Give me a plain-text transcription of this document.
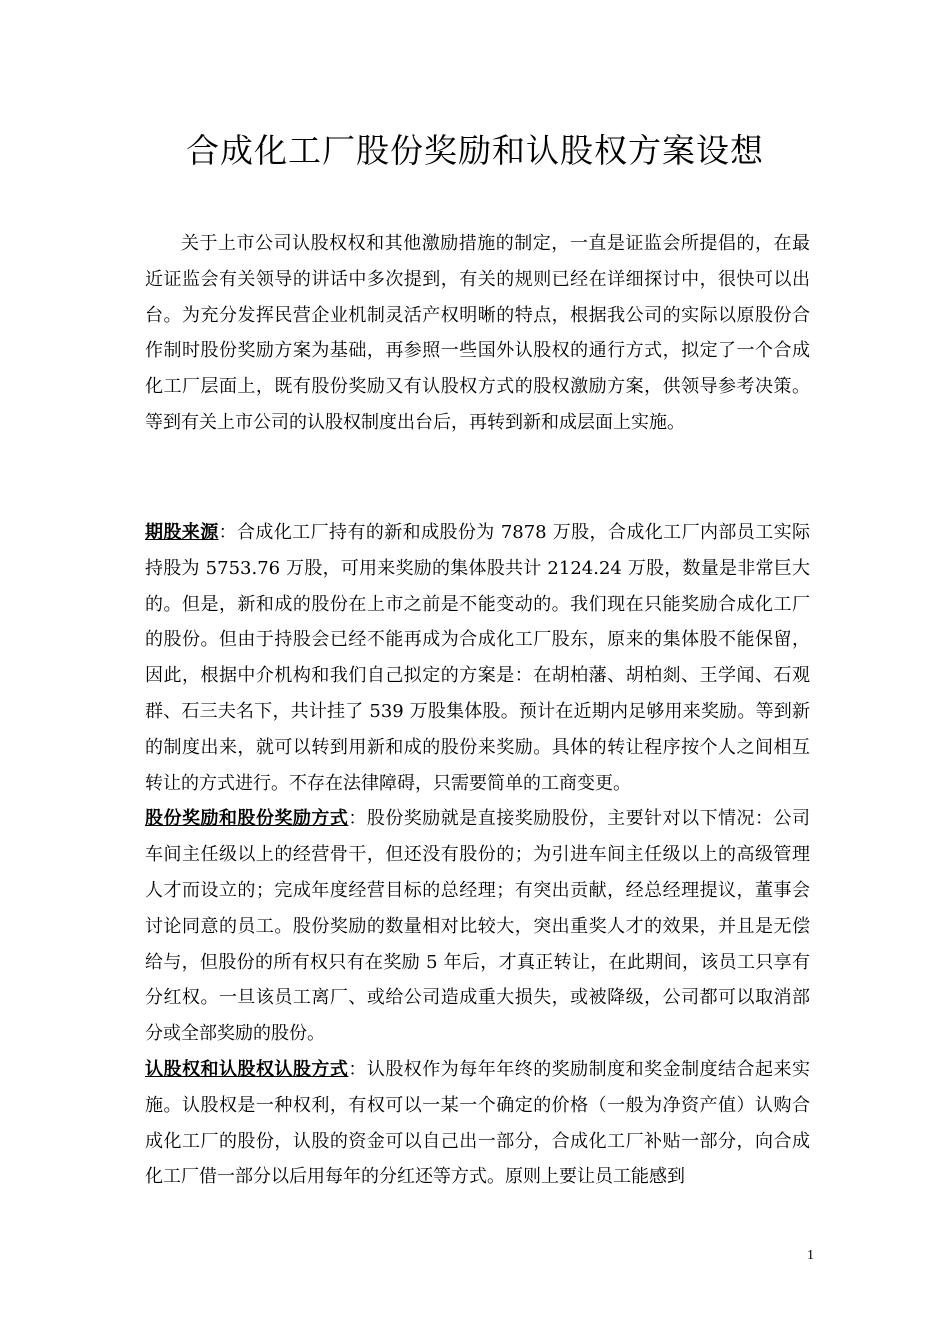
合成化工厂股份奖励和认股权方案设想

关于上市公司认股权权和其他激励措施的制定，一直是证监会所提倡的，在最近证监会有关领导的讲话中多次提到，有关的规则已经在详细探讨中，很快可以出台。为充分发挥民营企业机制灵活产权明晰的特点，根据我公司的实际以原股份合作制时股份奖励方案为基础，再参照一些国外认股权的通行方式，拟定了一个合成化工厂层面上，既有股份奖励又有认股权方式的股权激励方案，供领导参考决策。等到有关上市公司的认股权制度出台后，再转到新和成层面上实施。

期股来源：合成化工厂持有的新和成股份为 7878 万股，合成化工厂内部员工实际持股为 5753.76 万股，可用来奖励的集体股共计 2124.24 万股，数量是非常巨大的。但是，新和成的股份在上市之前是不能变动的。我们现在只能奖励合成化工厂的股份。但由于持股会已经不能再成为合成化工厂股东，原来的集体股不能保留，因此，根据中介机构和我们自己拟定的方案是：在胡柏藩、胡柏剡、王学闻、石观群、石三夫名下，共计挂了 539 万股集体股。预计在近期内足够用来奖励。等到新的制度出来，就可以转到用新和成的股份来奖励。具体的转让程序按个人之间相互转让的方式进行。不存在法律障碍，只需要简单的工商变更。
股份奖励和股份奖励方式：股份奖励就是直接奖励股份，主要针对以下情况：公司车间主任级以上的经营骨干，但还没有股份的；为引进车间主任级以上的高级管理人才而设立的；完成年度经营目标的总经理；有突出贡献，经总经理提议，董事会讨论同意的员工。股份奖励的数量相对比较大，突出重奖人才的效果，并且是无偿给与，但股份的所有权只有在奖励 5 年后，才真正转让，在此期间，该员工只享有分红权。一旦该员工离厂、或给公司造成重大损失，或被降级，公司都可以取消部分或全部奖励的股份。
认股权和认股权认股方式：认股权作为每年年终的奖励制度和奖金制度结合起来实施。认股权是一种权利，有权可以一某一个确定的价格（一般为净资产值）认购合成化工厂的股份，认股的资金可以自己出一部分，合成化工厂补贴一部分，向合成化工厂借一部分以后用每年的分红还等方式。原则上要让员工能感到

1
